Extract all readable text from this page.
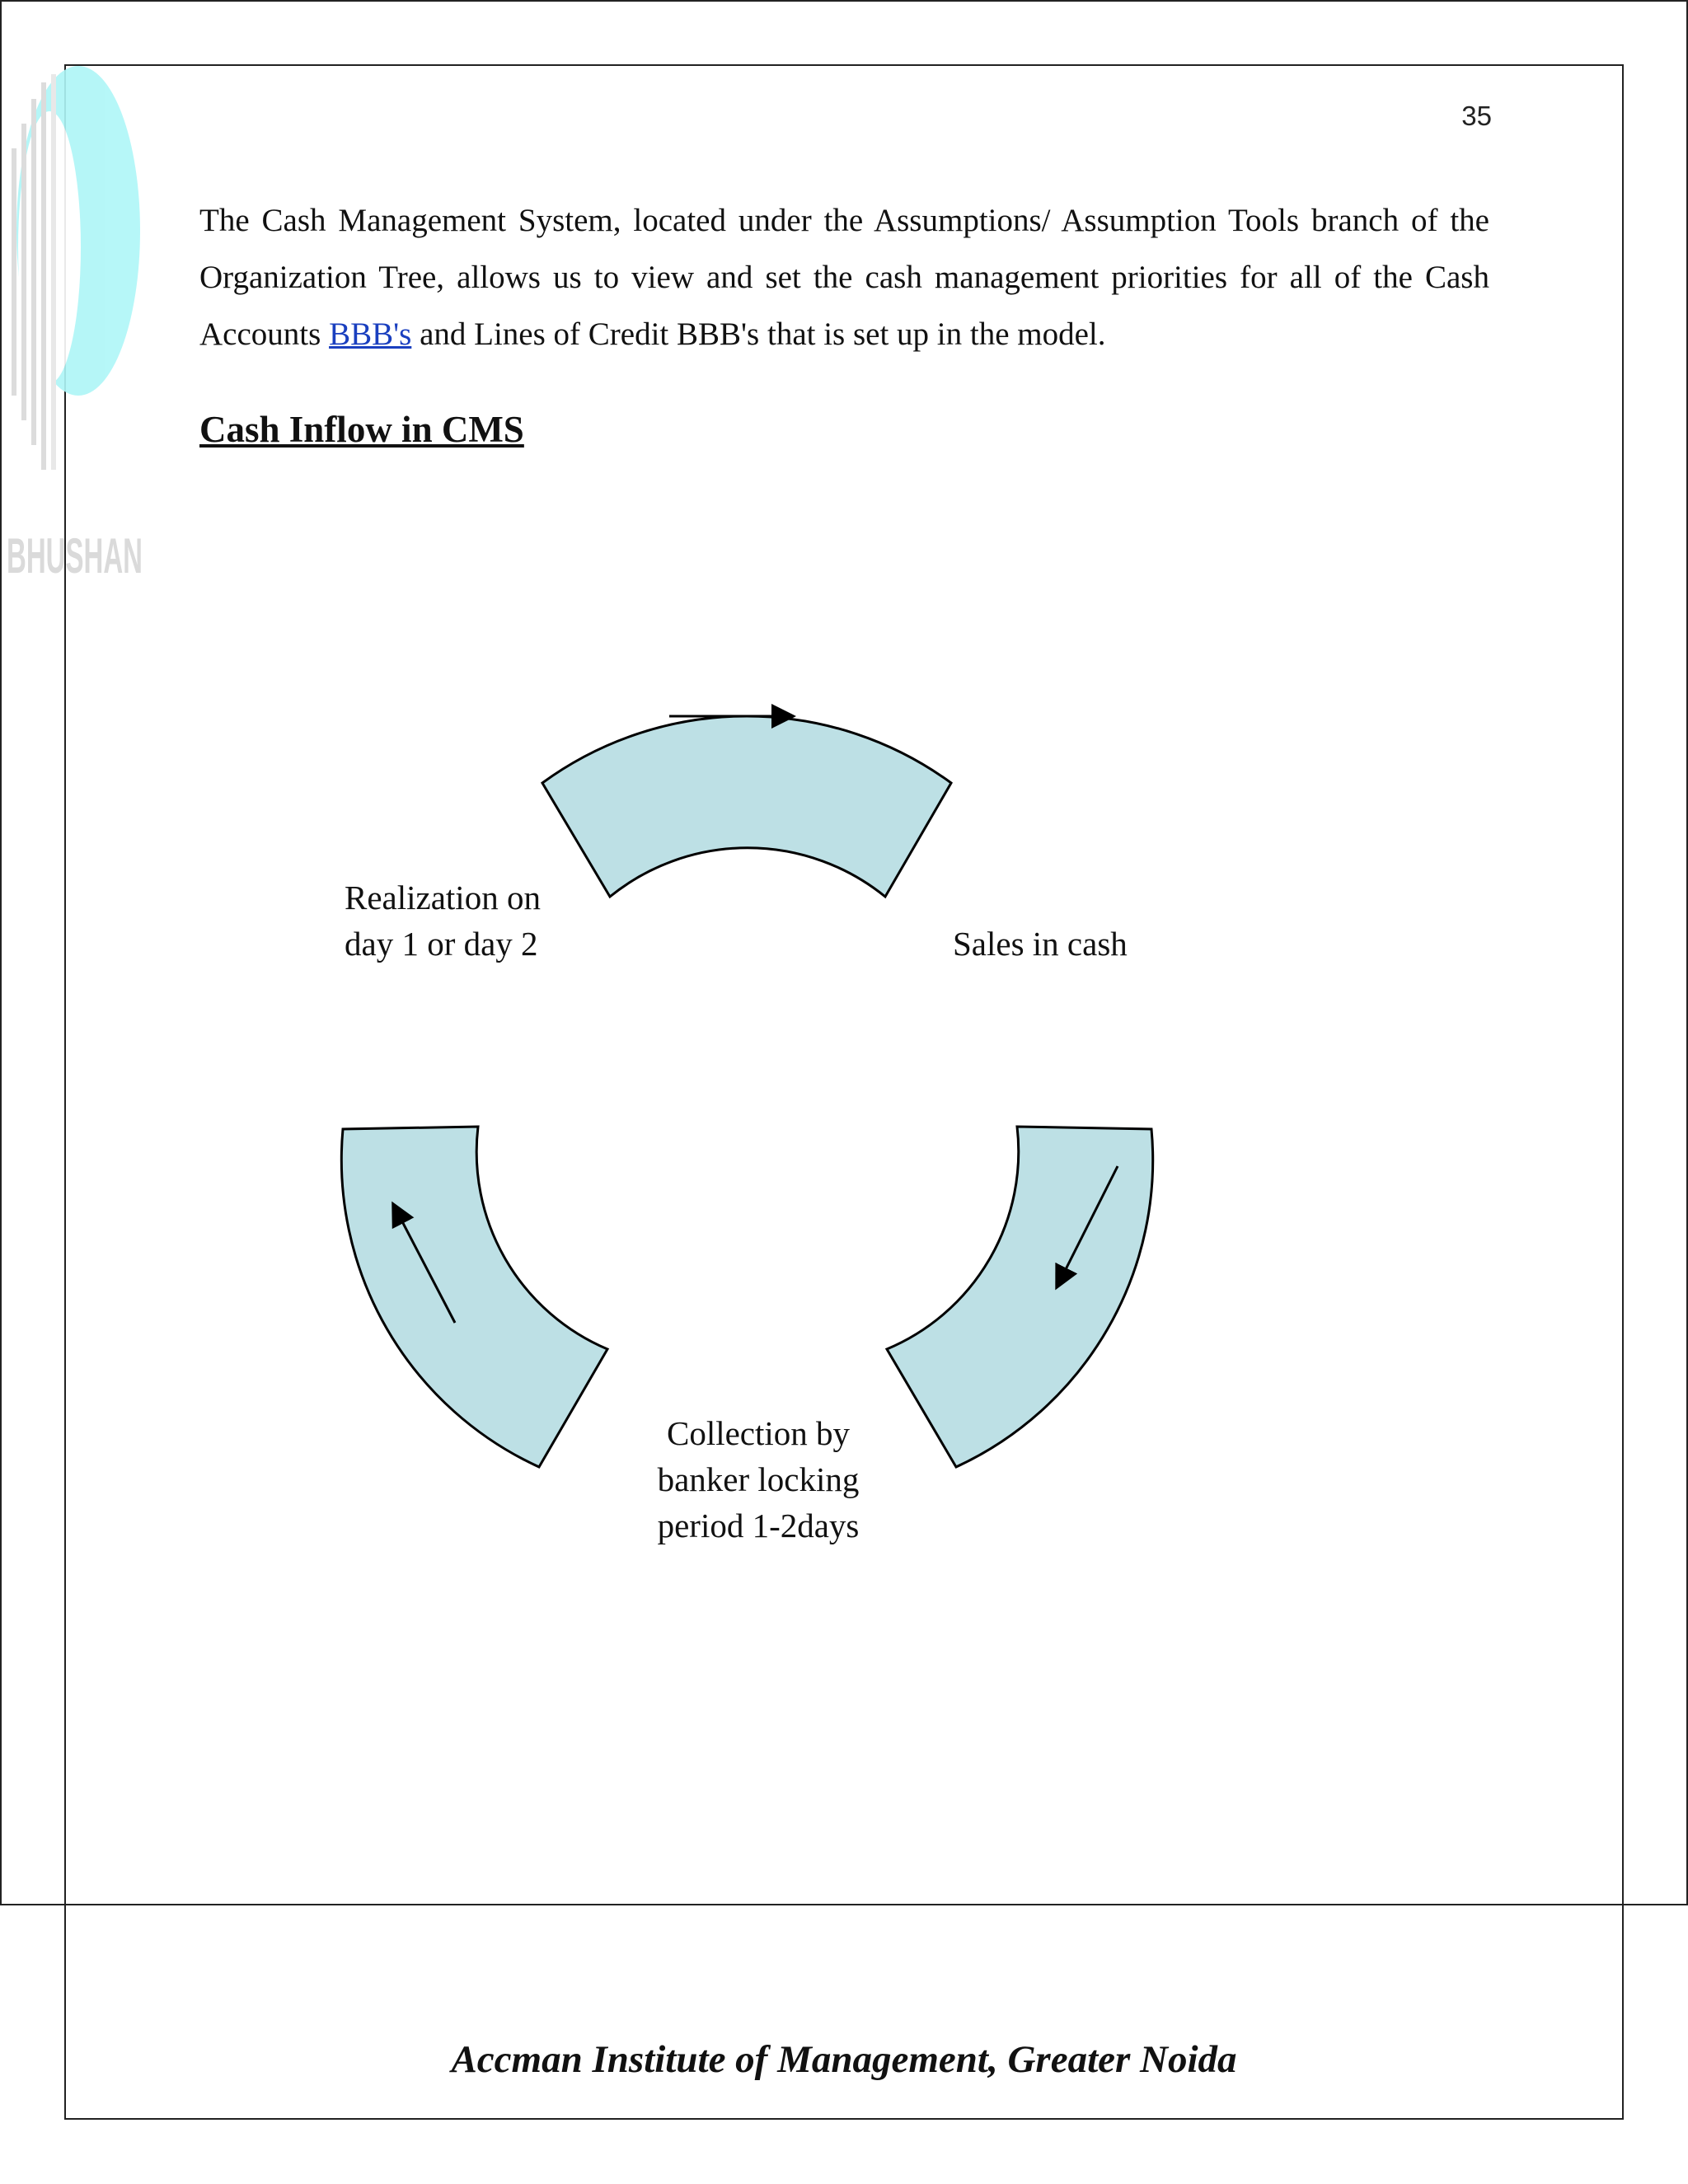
BHUSHAN
35

The Cash Management System, located under the Assumptions/ Assumption Tools branch of the Organization Tree, allows us to view and set the cash management priorities for all of the Cash Accounts BBB's and Lines of Credit BBB's that is set up in the model.

Cash Inflow in CMS
Realization on
day 1 or day 2	Sales in cash
Collection by
banker locking
period 1-2days
Accman Institute of Management, Greater Noida
